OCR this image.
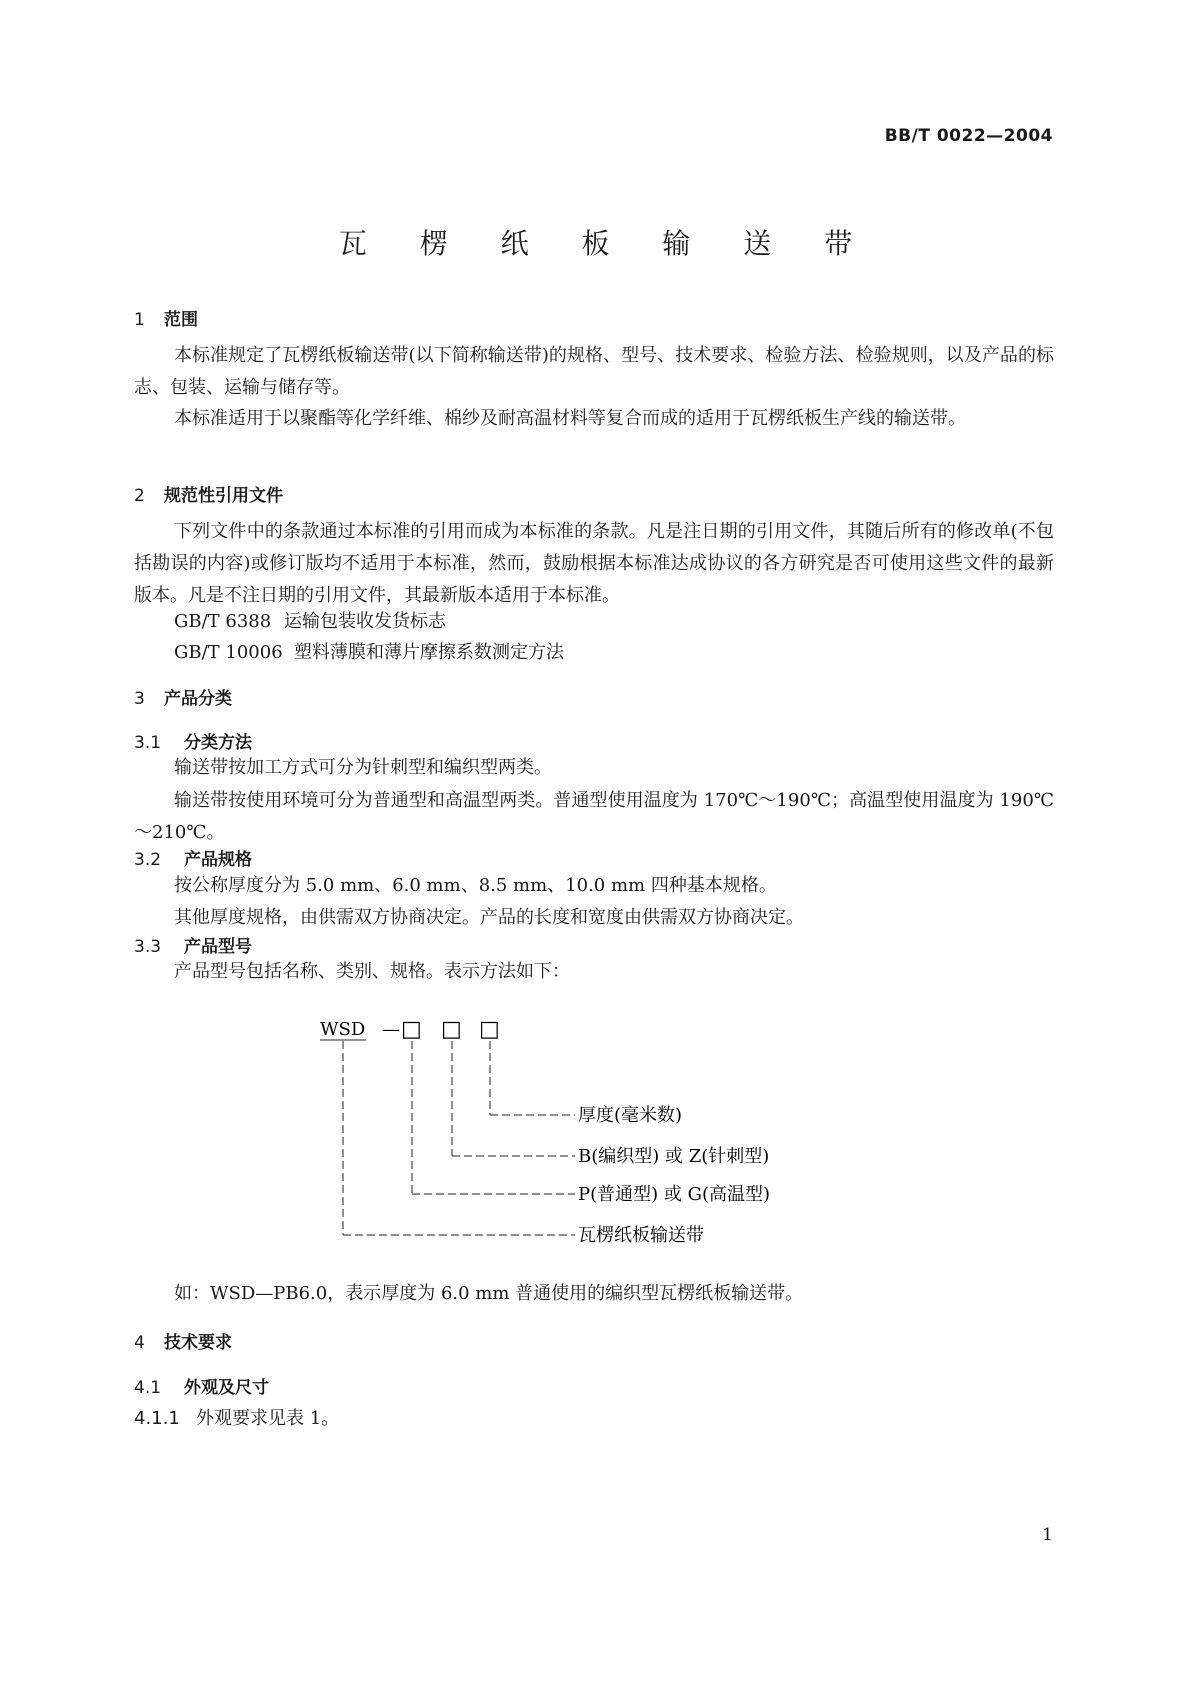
BB/T 0022—2004
瓦 楞 纸 板 输 送 带
1 范围
本标准规定了瓦楞纸板输送带(以下简称输送带)的规格、型号、技术要求、检验方法、检验规则，以及产品的标志、包装、运输与储存等。
本标准适用于以聚酯等化学纤维、棉纱及耐高温材料等复合而成的适用于瓦楞纸板生产线的输送带。
2 规范性引用文件
下列文件中的条款通过本标准的引用而成为本标准的条款。凡是注日期的引用文件，其随后所有的修改单(不包括勘误的内容)或修订版均不适用于本标准，然而，鼓励根据本标准达成协议的各方研究是否可使用这些文件的最新版本。凡是不注日期的引用文件，其最新版本适用于本标准。
GB/T 6388 运输包装收发货标志
GB/T 10006 塑料薄膜和薄片摩擦系数测定方法
3 产品分类
3.1 分类方法
输送带按加工方式可分为针刺型和编织型两类。
输送带按使用环境可分为普通型和高温型两类。普通型使用温度为 170℃～190℃；高温型使用温度为 190℃～210℃。
3.2 产品规格
按公称厚度分为 5.0 mm、6.0 mm、8.5 mm、10.0 mm 四种基本规格。
其他厚度规格，由供需双方协商决定。产品的长度和宽度由供需双方协商决定。
3.3 产品型号
产品型号包括名称、类别、规格。表示方法如下：
WSD — □ □ □
厚度(毫米数)
B(编织型) 或 Z(针刺型)
P(普通型) 或 G(高温型)
瓦楞纸板输送带
如：WSD—PB6.0，表示厚度为 6.0 mm 普通使用的编织型瓦楞纸板输送带。
4 技术要求
4.1 外观及尺寸
4.1.1 外观要求见表 1。
1
